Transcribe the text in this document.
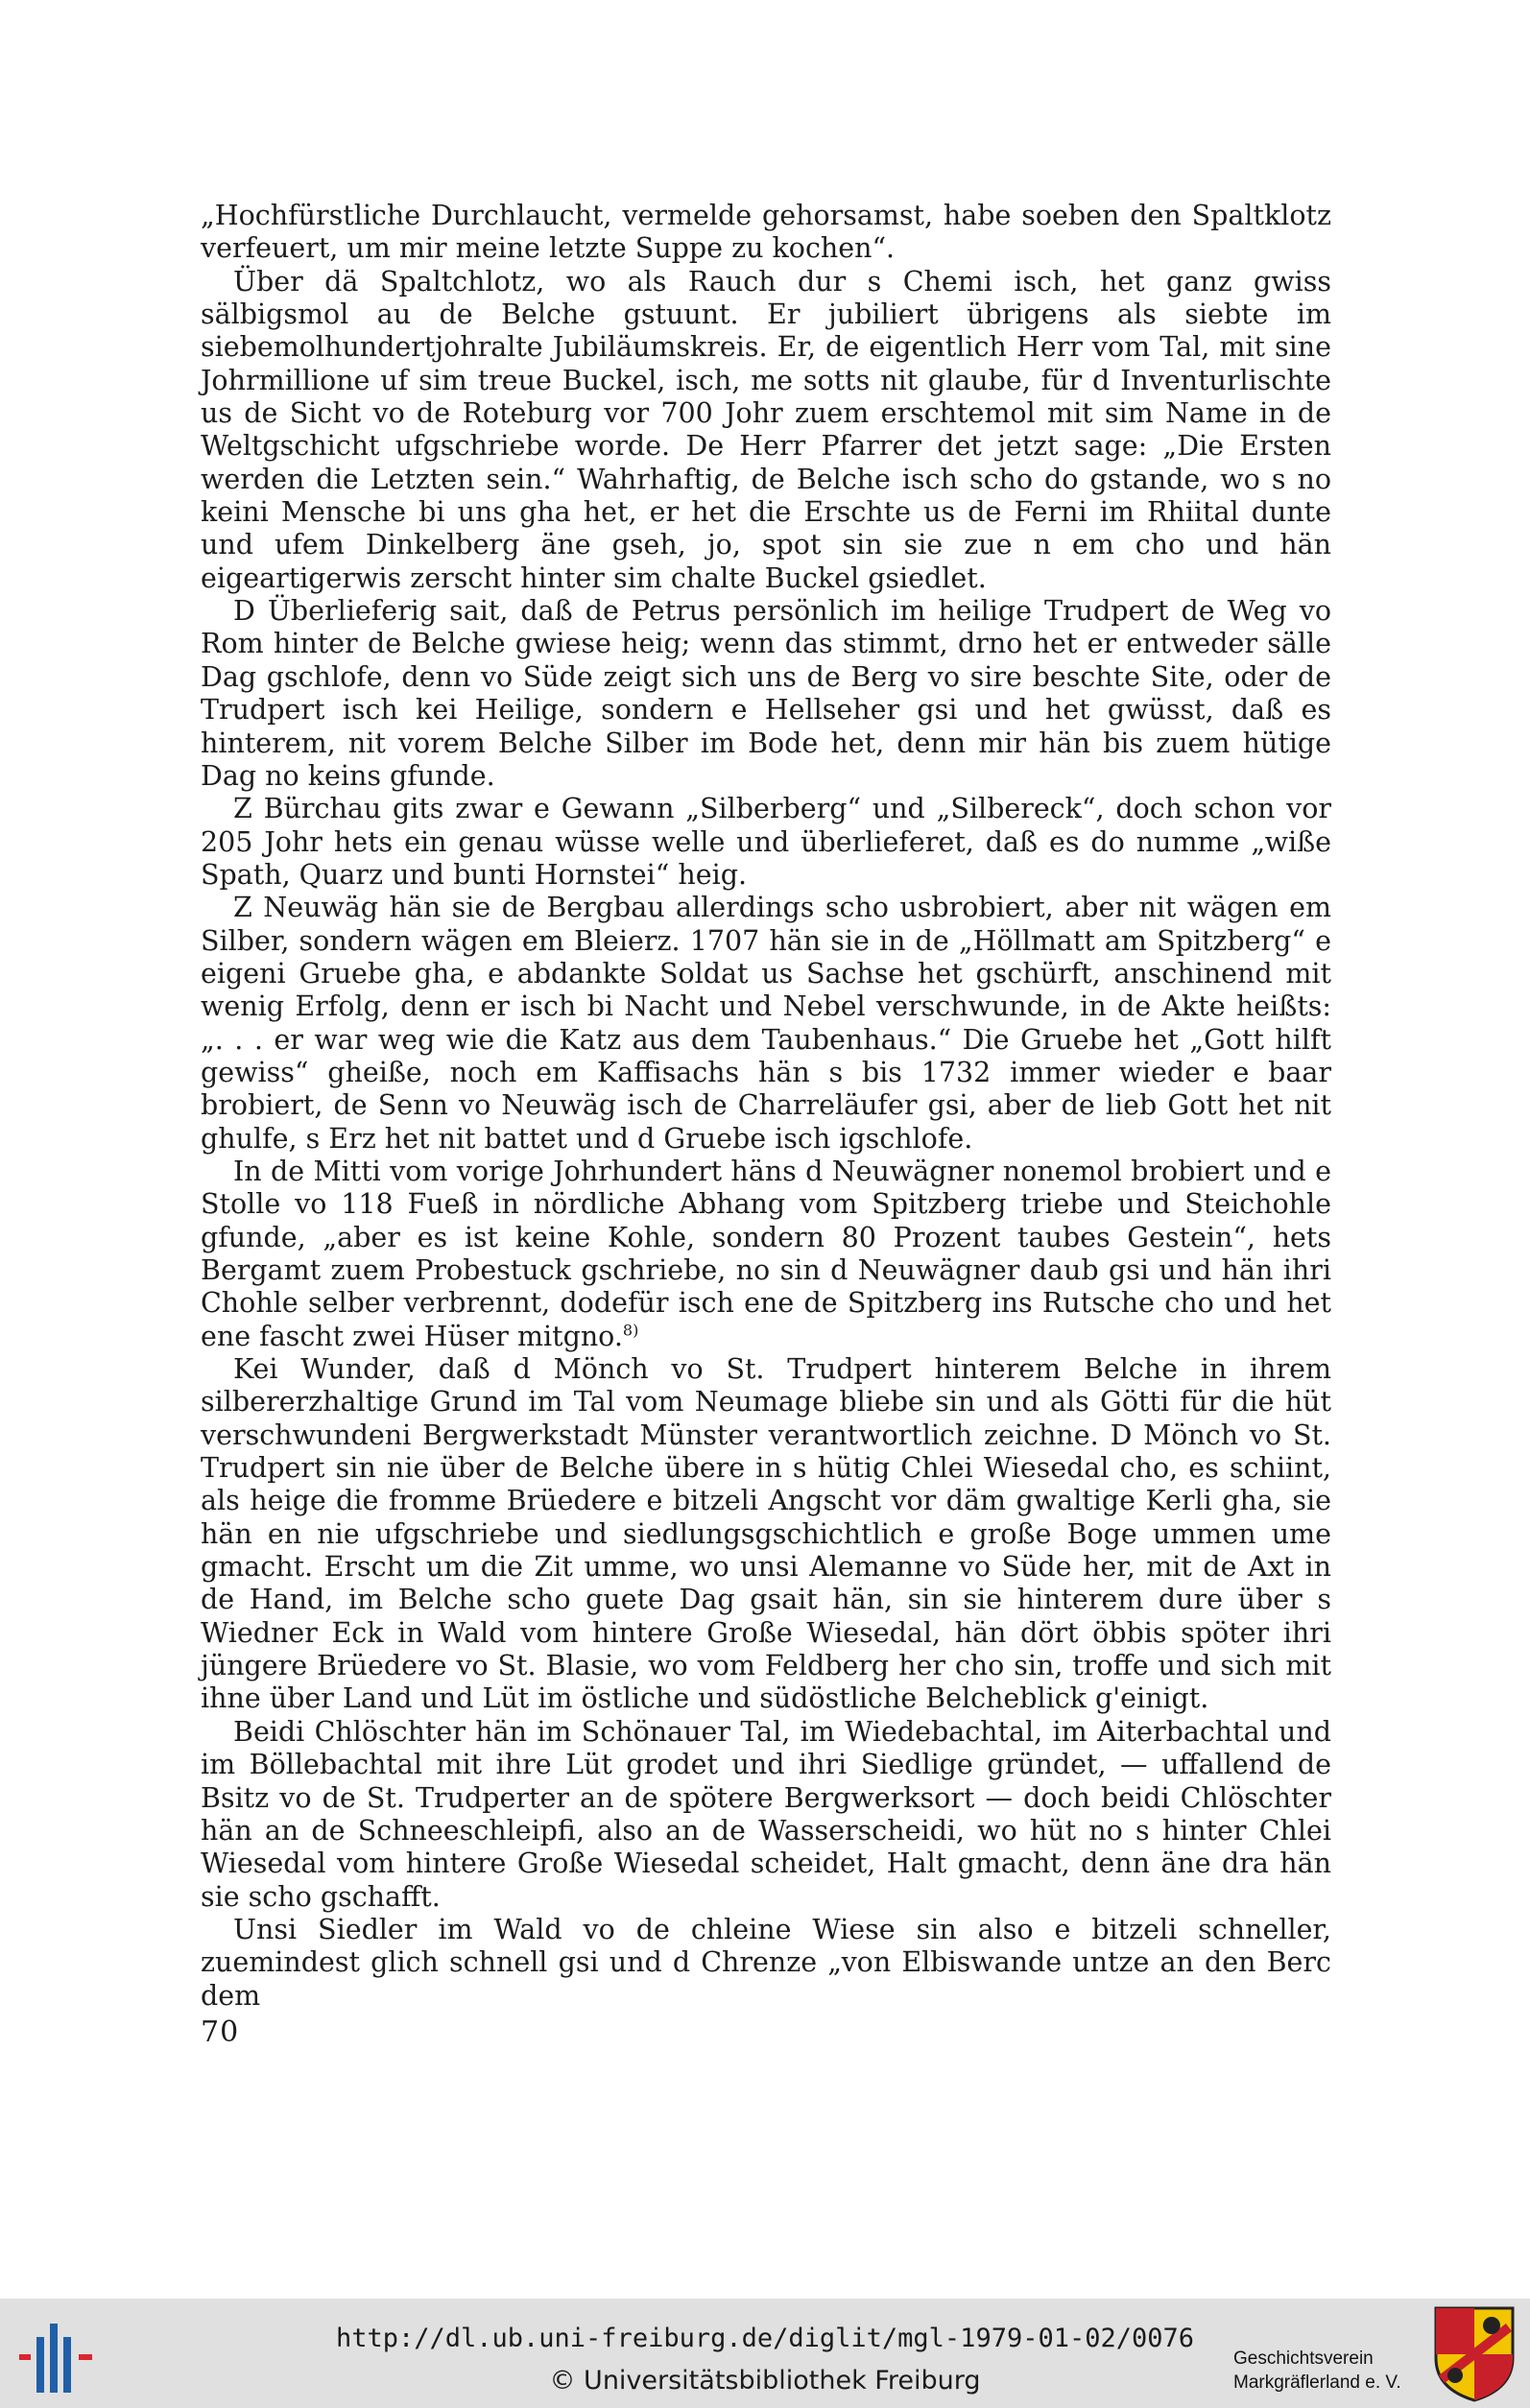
„Hochfürstliche Durchlaucht, vermelde gehorsamst, habe soeben den Spaltklotz verfeuert, um mir meine letzte Suppe zu kochen“.

Über dä Spaltchlotz, wo als Rauch dur s Chemi isch, het ganz gwiss sälbigsmol au de Belche gstuunt. Er jubiliert übrigens als siebte im siebemolhundertjohralte Jubiläumskreis. Er, de eigentlich Herr vom Tal, mit sine Johrmillione uf sim treue Buckel, isch, me sotts nit glaube, für d Inventurlischte us de Sicht vo de Roteburg vor 700 Johr zuem erschtemol mit sim Name in de Weltgschicht ufgschriebe worde. De Herr Pfarrer det jetzt sage: „Die Ersten werden die Letzten sein.“ Wahrhaftig, de Belche isch scho do gstande, wo s no keini Mensche bi uns gha het, er het die Erschte us de Ferni im Rhiital dunte und ufem Dinkelberg äne gseh, jo, spot sin sie zue n em cho und hän eigeartigerwis zerscht hinter sim chalte Buckel gsiedlet.

D Überlieferig sait, daß de Petrus persönlich im heilige Trudpert de Weg vo Rom hinter de Belche gwiese heig; wenn das stimmt, drno het er entweder sälle Dag gschlofe, denn vo Süde zeigt sich uns de Berg vo sire beschte Site, oder de Trudpert isch kei Heilige, sondern e Hellseher gsi und het gwüsst, daß es hinterem, nit vorem Belche Silber im Bode het, denn mir hän bis zuem hütige Dag no keins gfunde.

Z Bürchau gits zwar e Gewann „Silberberg“ und „Silbereck“, doch schon vor 205 Johr hets ein genau wüsse welle und überlieferet, daß es do numme „wiße Spath, Quarz und bunti Hornstei“ heig.

Z Neuwäg hän sie de Bergbau allerdings scho usbrobiert, aber nit wägen em Silber, sondern wägen em Bleierz. 1707 hän sie in de „Höllmatt am Spitzberg“ e eigeni Gruebe gha, e abdankte Soldat us Sachse het gschürft, anschinend mit wenig Erfolg, denn er isch bi Nacht und Nebel verschwunde, in de Akte heißts: „. . . er war weg wie die Katz aus dem Taubenhaus.“ Die Gruebe het „Gott hilft gewiss“ gheiße, noch em Kaffisachs hän s bis 1732 immer wieder e baar brobiert, de Senn vo Neuwäg isch de Charreläufer gsi, aber de lieb Gott het nit ghulfe, s Erz het nit battet und d Gruebe isch igschlofe.

In de Mitti vom vorige Johrhundert häns d Neuwägner nonemol brobiert und e Stolle vo 118 Fueß in nördliche Abhang vom Spitzberg triebe und Steichohle gfunde, „aber es ist keine Kohle, sondern 80 Prozent taubes Gestein“, hets Bergamt zuem Probestuck gschriebe, no sin d Neuwägner daub gsi und hän ihri Chohle selber verbrennt, dodefür isch ene de Spitzberg ins Rutsche cho und het ene fascht zwei Hüser mitgno.$^{8)}$

Kei Wunder, daß d Mönch vo St. Trudpert hinterem Belche in ihrem silbererzhaltige Grund im Tal vom Neumage bliebe sin und als Götti für die hüt verschwundeni Bergwerkstadt Münster verantwortlich zeichne. D Mönch vo St. Trudpert sin nie über de Belche übere in s hütig Chlei Wiesedal cho, es schiint, als heige die fromme Brüedere e bitzeli Angscht vor däm gwaltige Kerli gha, sie hän en nie ufgschriebe und siedlungsgschichtlich e große Boge ummen ume gmacht. Erscht um die Zit umme, wo unsi Alemanne vo Süde her, mit de Axt in de Hand, im Belche scho guete Dag gsait hän, sin sie hinterem dure über s Wiedner Eck in Wald vom hintere Große Wiesedal, hän dört öbbis spöter ihri jüngere Brüedere vo St. Blasie, wo vom Feldberg her cho sin, troffe und sich mit ihne über Land und Lüt im östliche und südöstliche Belcheblick g'einigt.

Beidi Chlöschter hän im Schönauer Tal, im Wiedebachtal, im Aiterbachtal und im Böllebachtal mit ihre Lüt grodet und ihri Siedlige gründet, — uffallend de Bsitz vo de St. Trudperter an de spötere Bergwerksort — doch beidi Chlöschter hän an de Schneeschleipfi, also an de Wasserscheidi, wo hüt no s hinter Chlei Wiesedal vom hintere Große Wiesedal scheidet, Halt gmacht, denn äne dra hän sie scho gschafft.

Unsi Siedler im Wald vo de chleine Wiese sin also e bitzeli schneller, zuemindest glich schnell gsi und d Chrenze „von Elbiswande untze an den Berc dem

70
http://dl.ub.uni-freiburg.de/diglit/mgl-1979-01-02/0076
© Universitätsbibliothek Freiburg
Geschichtsverein
Markgräflerland e. V.
